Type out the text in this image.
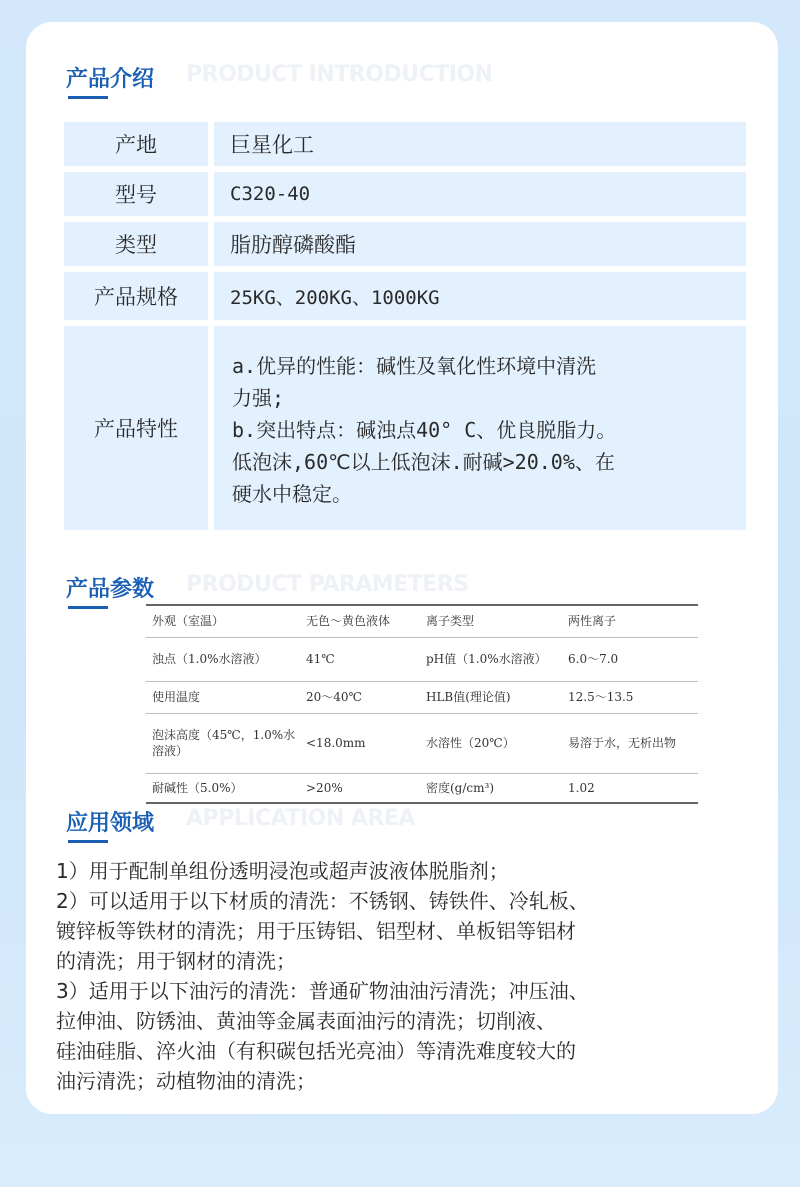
产品介绍 PRODUCT INTRODUCTION
产地	巨星化工
型号	C320-40
类型	脂肪醇磷酸酯
产品规格	25KG、200KG、1000KG
产品特性
a.优异的性能：碱性及氧化性环境中清洗
力强;
b.突出特点：碱浊点40° C、优良脱脂力。
低泡沫,60℃以上低泡沫.耐碱>20.0%、在
硬水中稳定。
产品参数 PRODUCT PARAMETERS
外观（室温）	无色～黄色液体	离子类型	两性离子
浊点（1.0%水溶液）	41℃	pH值（1.0%水溶液）	6.0～7.0
使用温度	20～40℃	HLB值(理论值)	12.5～13.5
泡沫高度（45℃，1.0%水溶液）	<18.0mm	水溶性（20℃）	易溶于水，无析出物
耐碱性（5.0%）	>20%	密度(g/cm³)	1.02
应用领域 APPLICATION AREA

1）用于配制单组份透明浸泡或超声波液体脱脂剂；

2）可以适用于以下材质的清洗：不锈钢、铸铁件、冷轧板、

镀锌板等铁材的清洗；用于压铸铝、铝型材、单板铝等铝材

的清洗；用于钢材的清洗；

3）适用于以下油污的清洗：普通矿物油油污清洗；冲压油、

拉伸油、防锈油、黄油等金属表面油污的清洗；切削液、

硅油硅脂、淬火油（有积碳包括光亮油）等清洗难度较大的

油污清洗；动植物油的清洗；
